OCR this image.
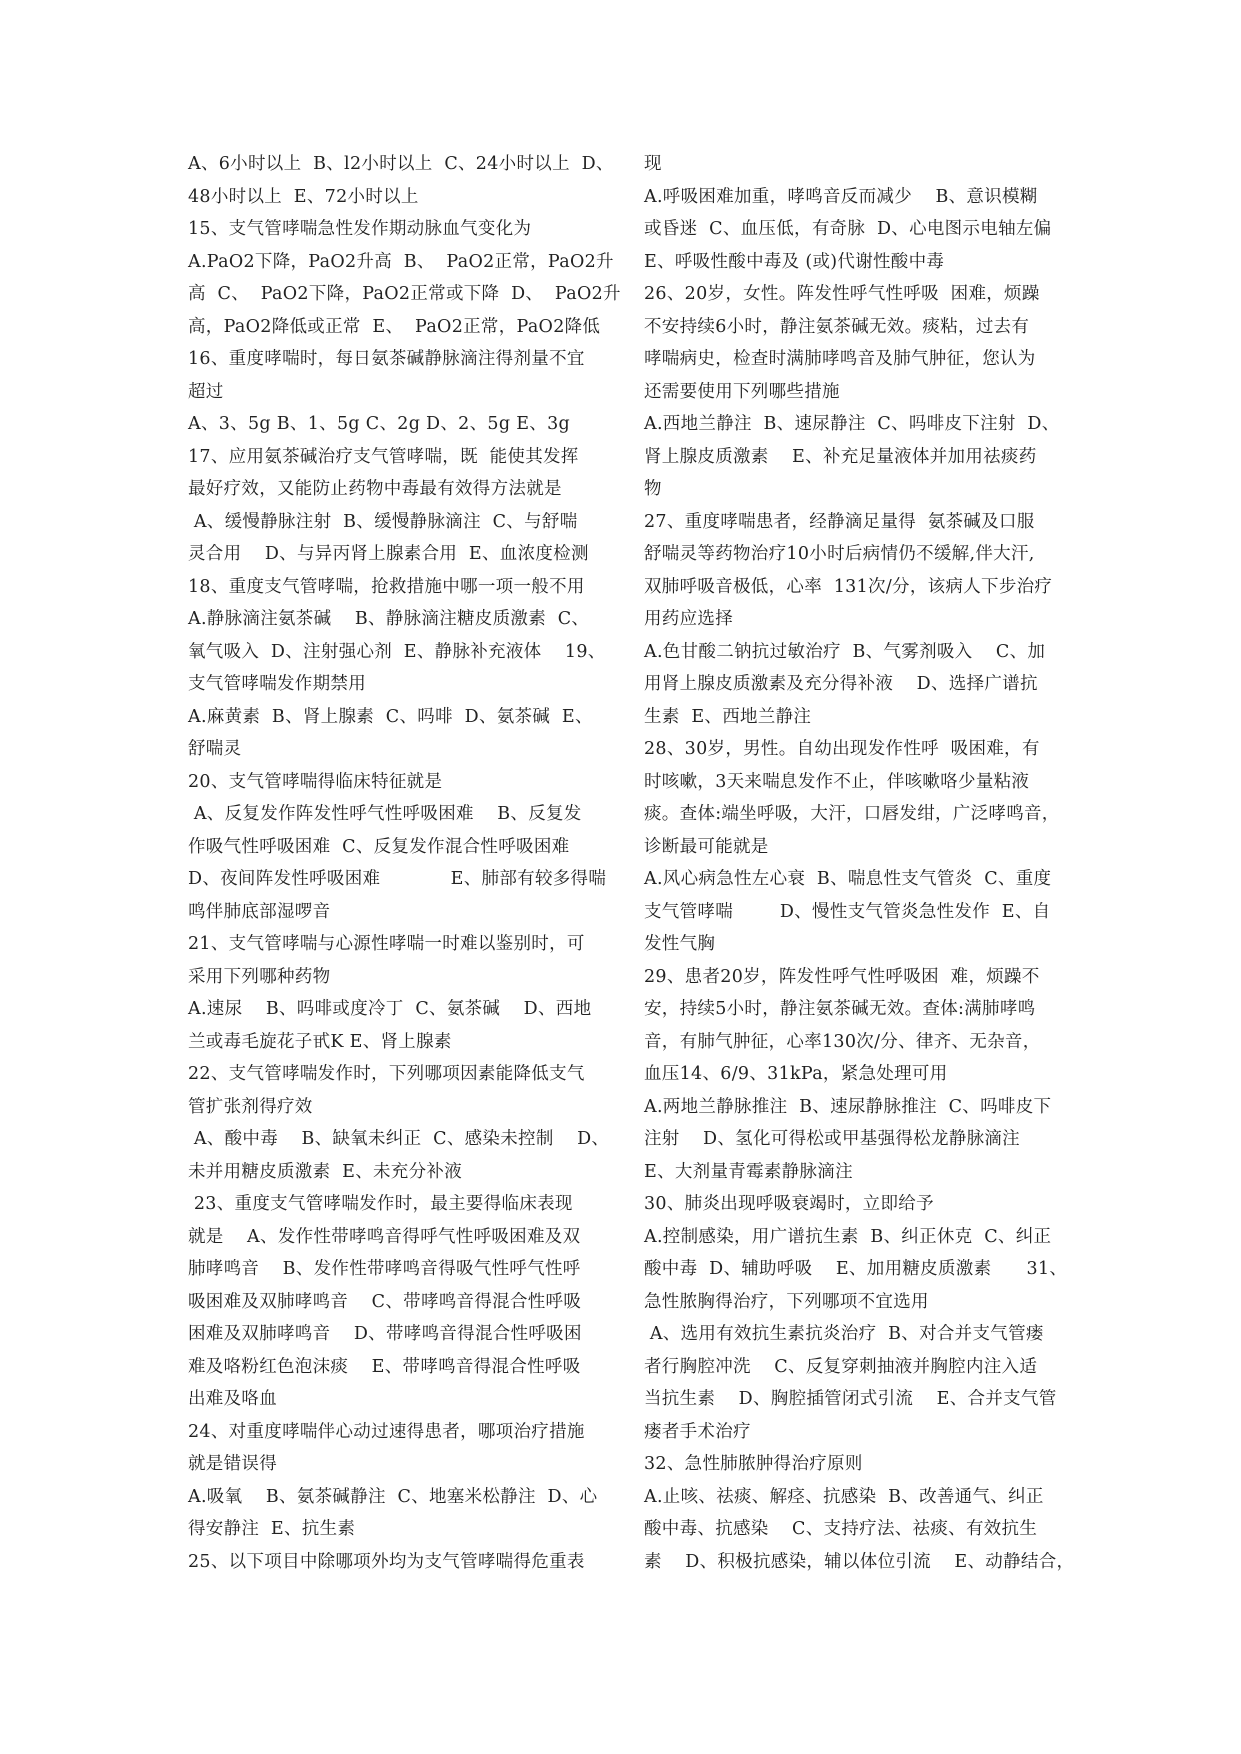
A、6小时以上  B、l2小时以上  C、24小时以上  D、
48小时以上  E、72小时以上
15、支气管哮喘急性发作期动脉血气变化为
A.PaO2下降，PaO2升高  B、  PaO2正常，PaO2升
高  C、  PaO2下降，PaO2正常或下降  D、  PaO2升
高，PaO2降低或正常  E、  PaO2正常，PaO2降低
16、重度哮喘时，每日氨茶碱静脉滴注得剂量不宜
超过
A、3、5g B、1、5g C、2g D、2、5g E、3g
17、应用氨茶碱治疗支气管哮喘，既  能使其发挥
最好疗效，又能防止药物中毒最有效得方法就是
A、缓慢静脉注射  B、缓慢静脉滴注  C、与舒喘
灵合用    D、与异丙肾上腺素合用  E、血浓度检测
18、重度支气管哮喘，抢救措施中哪一项一般不用
A.静脉滴注氨茶碱    B、静脉滴注糖皮质激素  C、
氧气吸入  D、注射强心剂  E、静脉补充液体    19、
支气管哮喘发作期禁用
A.麻黄素  B、肾上腺素  C、吗啡  D、氨茶碱  E、
舒喘灵
20、支气管哮喘得临床特征就是
A、反复发作阵发性呼气性呼吸困难    B、反复发
作吸气性呼吸困难  C、反复发作混合性呼吸困难
D、夜间阵发性呼吸困难            E、肺部有较多得喘
鸣伴肺底部湿啰音
21、支气管哮喘与心源性哮喘一时难以鉴别时，可
采用下列哪种药物
A.速尿    B、吗啡或度冷丁  C、氨茶碱    D、西地
兰或毒毛旋花子甙K E、肾上腺素
22、支气管哮喘发作时，下列哪项因素能降低支气
管扩张剂得疗效
A、酸中毒    B、缺氧未纠正  C、感染未控制    D、
未并用糖皮质激素  E、未充分补液
23、重度支气管哮喘发作时，最主要得临床表现
就是    A、发作性带哮鸣音得呼气性呼吸困难及双
肺哮鸣音    B、发作性带哮鸣音得吸气性呼气性呼
吸困难及双肺哮鸣音    C、带哮鸣音得混合性呼吸
困难及双肺哮鸣音    D、带哮鸣音得混合性呼吸困
难及咯粉红色泡沫痰    E、带哮鸣音得混合性呼吸
出难及咯血
24、对重度哮喘伴心动过速得患者，哪项治疗措施
就是错误得
A.吸氧    B、氨茶碱静注  C、地塞米松静注  D、心
得安静注  E、抗生素
25、以下项目中除哪项外均为支气管哮喘得危重表
现
A.呼吸困难加重，哮鸣音反而减少    B、意识模糊
或昏迷  C、血压低，有奇脉  D、心电图示电轴左偏
E、呼吸性酸中毒及 (或)代谢性酸中毒
26、20岁，女性。阵发性呼气性呼吸  困难，烦躁
不安持续6小时，静注氨茶碱无效。痰粘，过去有
哮喘病史，检查时满肺哮鸣音及肺气肿征，您认为
还需要使用下列哪些措施
A.西地兰静注  B、速尿静注  C、吗啡皮下注射  D、
肾上腺皮质激素    E、补充足量液体并加用祛痰药
物
27、重度哮喘患者，经静滴足量得  氨茶碱及口服
舒喘灵等药物治疗10小时后病情仍不缓解,伴大汗,
双肺呼吸音极低，心率  131次/分，该病人下步治疗
用药应选择
A.色甘酸二钠抗过敏治疗  B、气雾剂吸入    C、加
用肾上腺皮质激素及充分得补液    D、选择广谱抗
生素  E、西地兰静注
28、30岁，男性。自幼出现发作性呼  吸困难，有
时咳嗽，3天来喘息发作不止，伴咳嗽咯少量粘液
痰。查体:端坐呼吸，大汗，口唇发绀，广泛哮鸣音，
诊断最可能就是
A.风心病急性左心衰  B、喘息性支气管炎  C、重度
支气管哮喘        D、慢性支气管炎急性发作  E、自
发性气胸
29、患者20岁，阵发性呼气性呼吸困  难，烦躁不
安，持续5小时，静注氨茶碱无效。查体:满肺哮鸣
音，有肺气肿征，心率130次/分、律齐、无杂音，
血压14、6/9、31kPa，紧急处理可用
A.两地兰静脉推注  B、速尿静脉推注  C、吗啡皮下
注射    D、氢化可得松或甲基强得松龙静脉滴注
E、大剂量青霉素静脉滴注
30、肺炎出现呼吸衰竭时，立即给予
A.控制感染，用广谱抗生素  B、纠正休克  C、纠正
酸中毒  D、辅助呼吸    E、加用糖皮质激素      31、
急性脓胸得治疗，下列哪项不宜选用
A、选用有效抗生素抗炎治疗  B、对合并支气管瘘
者行胸腔冲洗    C、反复穿刺抽液并胸腔内注入适
当抗生素    D、胸腔插管闭式引流    E、合并支气管
瘘者手术治疗
32、急性肺脓肿得治疗原则
A.止咳、祛痰、解痉、抗感染  B、改善通气、纠正
酸中毒、抗感染    C、支持疗法、祛痰、有效抗生
素    D、积极抗感染，辅以体位引流    E、动静结合，
